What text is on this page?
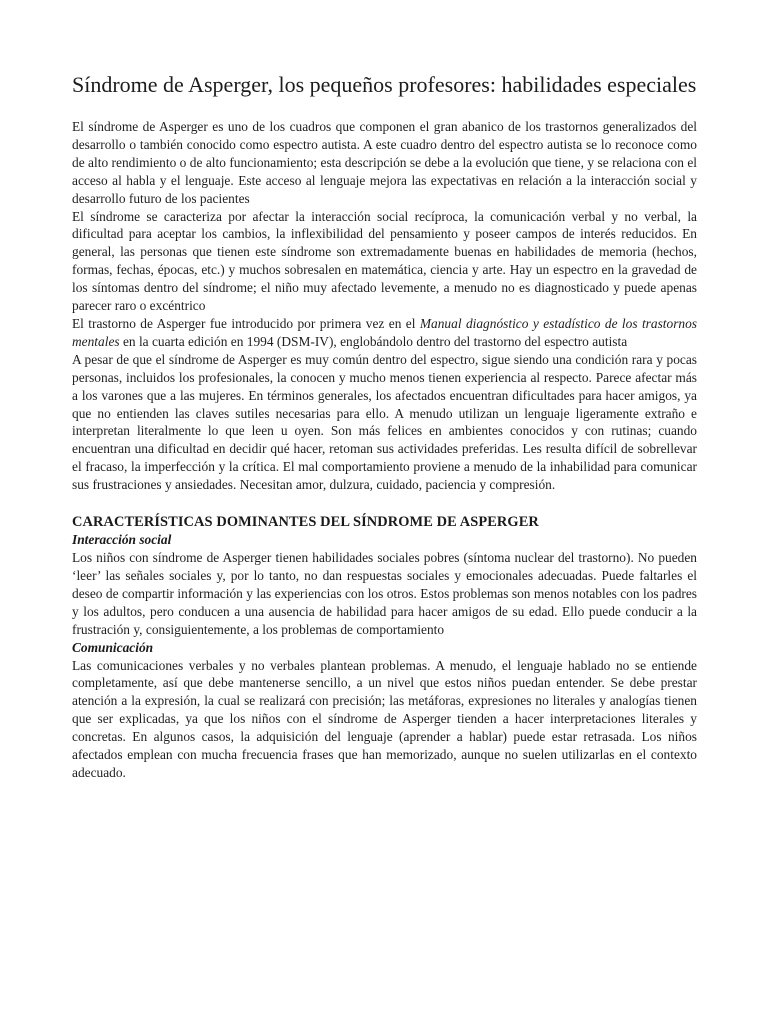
Síndrome de Asperger, los pequeños profesores: habilidades especiales

El síndrome de Asperger es uno de los cuadros que componen el gran abanico de los trastornos generalizados del desarrollo o también conocido como espectro autista. A este cuadro dentro del espectro autista se lo reconoce como de alto rendimiento o de alto funcionamiento; esta descripción se debe a la evolución que tiene, y se relaciona con el acceso al habla y el lenguaje. Este acceso al lenguaje mejora las expectativas en relación a la interacción social y desarrollo futuro de los pacientes

El síndrome se caracteriza por afectar la interacción social recíproca, la comunicación verbal y no verbal, la dificultad para aceptar los cambios, la inflexibilidad del pensamiento y poseer campos de interés reducidos. En general, las personas que tienen este síndrome son extremadamente buenas en habilidades de memoria (hechos, formas, fechas, épocas, etc.) y muchos sobresalen en matemática, ciencia y arte. Hay un espectro en la gravedad de los síntomas dentro del síndrome; el niño muy afectado levemente, a menudo no es diagnosticado y puede apenas parecer raro o excéntrico

El trastorno de Asperger fue introducido por primera vez en el Manual diagnóstico y estadístico de los trastornos mentales en la cuarta edición en 1994 (DSM-IV), englobándolo dentro del trastorno del espectro autista

A pesar de que el síndrome de Asperger es muy común dentro del espectro, sigue siendo una condición rara y pocas personas, incluidos los profesionales, la conocen y mucho menos tienen experiencia al respecto. Parece afectar más a los varones que a las mujeres. En términos generales, los afectados encuentran dificultades para hacer amigos, ya que no entienden las claves sutiles necesarias para ello. A menudo utilizan un lenguaje ligeramente extraño e interpretan literalmente lo que leen u oyen. Son más felices en ambientes conocidos y con rutinas; cuando encuentran una dificultad en decidir qué hacer, retoman sus actividades preferidas. Les resulta difícil de sobrellevar el fracaso, la imperfección y la crítica. El mal comportamiento proviene a menudo de la inhabilidad para comunicar sus frustraciones y ansiedades. Necesitan amor, dulzura, cuidado, paciencia y compresión.

CARACTERÍSTICAS DOMINANTES DEL SÍNDROME DE ASPERGER
Interacción social

Los niños con síndrome de Asperger tienen habilidades sociales pobres (síntoma nuclear del trastorno). No pueden ‘leer’ las señales sociales y, por lo tanto, no dan respuestas sociales y emocionales adecuadas. Puede faltarles el deseo de compartir información y las experiencias con los otros. Estos problemas son menos notables con los padres y los adultos, pero conducen a una ausencia de habilidad para hacer amigos de su edad. Ello puede conducir a la frustración y, consiguientemente, a los problemas de comportamiento

Comunicación

Las comunicaciones verbales y no verbales plantean problemas. A menudo, el lenguaje hablado no se entiende completamente, así que debe mantenerse sencillo, a un nivel que estos niños puedan entender. Se debe prestar atención a la expresión, la cual se realizará con precisión; las metáforas, expresiones no literales y analogías tienen que ser explicadas, ya que los niños con el síndrome de Asperger tienden a hacer interpretaciones literales y concretas. En algunos casos, la adquisición del lenguaje (aprender a hablar) puede estar retrasada. Los niños afectados emplean con mucha frecuencia frases que han memorizado, aunque no suelen utilizarlas en el contexto adecuado.
